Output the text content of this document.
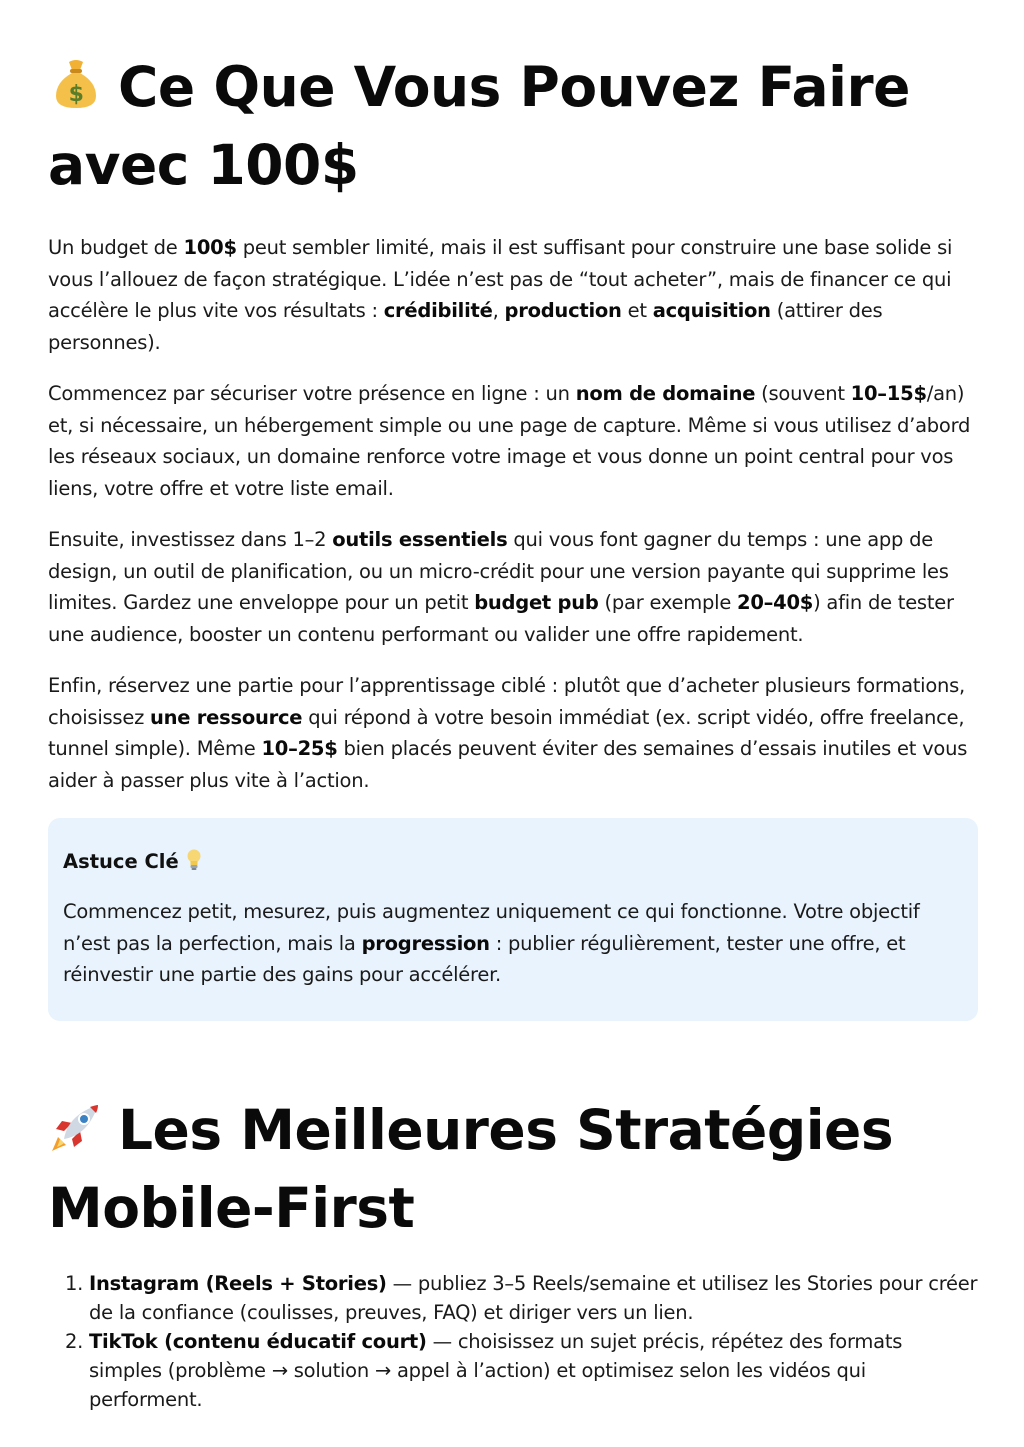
$ Ce Que Vous Pouvez Faire avec 100$

Un budget de 100$ peut sembler limité, mais il est suffisant pour construire une base solide si vous l’allouez de façon stratégique. L’idée n’est pas de “tout acheter”, mais de financer ce qui accélère le plus vite vos résultats : crédibilité, production et acquisition (attirer des personnes).

Commencez par sécuriser votre présence en ligne : un nom de domaine (souvent 10–15$/an) et, si nécessaire, un hébergement simple ou une page de capture. Même si vous utilisez d’abord les réseaux sociaux, un domaine renforce votre image et vous donne un point central pour vos liens, votre offre et votre liste email.

Ensuite, investissez dans 1–2 outils essentiels qui vous font gagner du temps : une app de design, un outil de planification, ou un micro-crédit pour une version payante qui supprime les limites. Gardez une enveloppe pour un petit budget pub (par exemple 20–40$) afin de tester une audience, booster un contenu performant ou valider une offre rapidement.

Enfin, réservez une partie pour l’apprentissage ciblé : plutôt que d’acheter plusieurs formations, choisissez une ressource qui répond à votre besoin immédiat (ex. script vidéo, offre freelance, tunnel simple). Même 10–25$ bien placés peuvent éviter des semaines d’essais inutiles et vous aider à passer plus vite à l’action.

Astuce Clé

Commencez petit, mesurez, puis augmentez uniquement ce qui fonctionne. Votre objectif n’est pas la perfection, mais la progression : publier régulièrement, tester une offre, et réinvestir une partie des gains pour accélérer.

Les Meilleures Stratégies Mobile-First
1. Instagram (Reels + Stories) — publiez 3–5 Reels/semaine et utilisez les Stories pour créer de la confiance (coulisses, preuves, FAQ) et diriger vers un lien.
2. TikTok (contenu éducatif court) — choisissez un sujet précis, répétez des formats simples (problème → solution → appel à l’action) et optimisez selon les vidéos qui performent.
